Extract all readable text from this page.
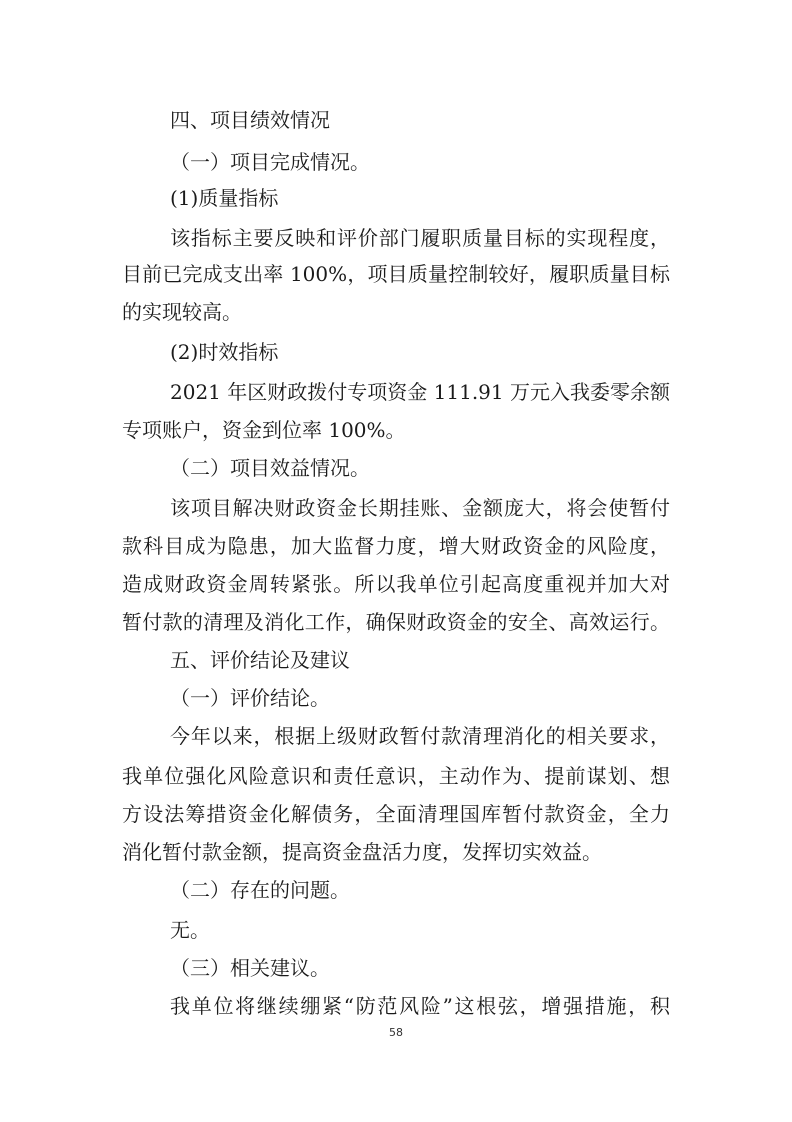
四、项目绩效情况
（一）项目完成情况。
(1)质量指标
该指标主要反映和评价部门履职质量目标的实现程度，
目前已完成支出率 100%，项目质量控制较好，履职质量目标
的实现较高。
(2)时效指标
2021 年区财政拨付专项资金 111.91 万元入我委零余额
专项账户，资金到位率 100%。
（二）项目效益情况。
该项目解决财政资金长期挂账、金额庞大，将会使暂付
款科目成为隐患，加大监督力度，增大财政资金的风险度，
造成财政资金周转紧张。所以我单位引起高度重视并加大对
暂付款的清理及消化工作，确保财政资金的安全、高效运行。
五、评价结论及建议
（一）评价结论。
今年以来，根据上级财政暂付款清理消化的相关要求，
我单位强化风险意识和责任意识，主动作为、提前谋划、想
方设法筹措资金化解债务，全面清理国库暂付款资金，全力
消化暂付款金额，提高资金盘活力度，发挥切实效益。
（二）存在的问题。
无。
（三）相关建议。
我单位将继续绷紧“防范风险”这根弦，增强措施，积
58
